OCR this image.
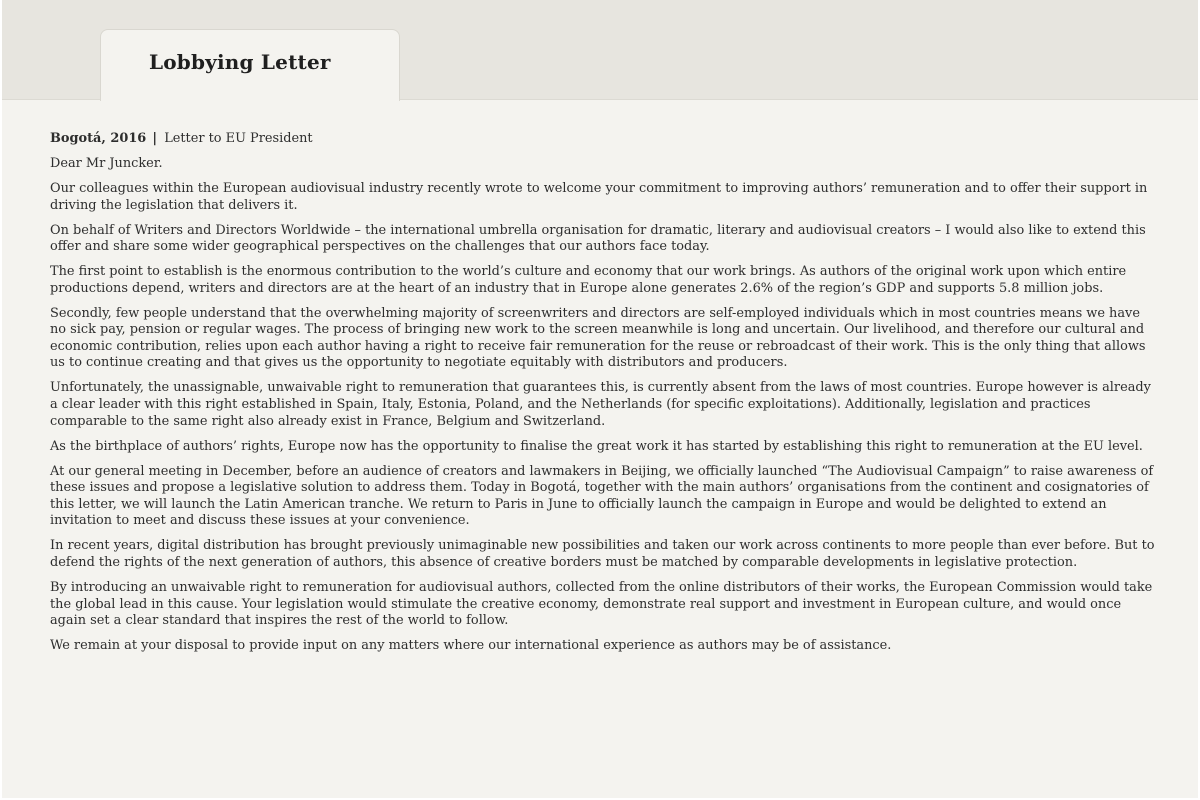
Lobbying Letter

Bogotá, 2016 | Letter to EU President

Dear Mr Juncker.

Our colleagues within the European audiovisual industry recently wrote to welcome your commitment to improving authors’ remuneration and to offer their support in driving the legislation that delivers it.

On behalf of Writers and Directors Worldwide – the international umbrella organisation for dramatic, literary and audiovisual creators – I would also like to extend this offer and share some wider geographical perspectives on the challenges that our authors face today.

The first point to establish is the enormous contribution to the world’s culture and economy that our work brings. As authors of the original work upon which entire productions depend, writers and directors are at the heart of an industry that in Europe alone generates 2.6% of the region’s GDP and supports 5.8 million jobs.

Secondly, few people understand that the overwhelming majority of screenwriters and directors are self-employed individuals which in most countries means we have no sick pay, pension or regular wages. The process of bringing new work to the screen meanwhile is long and uncertain. Our livelihood, and therefore our cultural and economic contribution, relies upon each author having a right to receive fair remuneration for the reuse or rebroadcast of their work. This is the only thing that allows us to continue creating and that gives us the opportunity to negotiate equitably with distributors and producers.

Unfortunately, the unassignable, unwaivable right to remuneration that guarantees this, is currently absent from the laws of most countries. Europe however is already a clear leader with this right established in Spain, Italy, Estonia, Poland, and the Netherlands (for specific exploitations). Additionally, legislation and practices comparable to the same right also already exist in France, Belgium and Switzerland.

As the birthplace of authors’ rights, Europe now has the opportunity to finalise the great work it has started by establishing this right to remuneration at the EU level.

At our general meeting in December, before an audience of creators and lawmakers in Beijing, we officially launched “The Audiovisual Campaign” to raise awareness of these issues and propose a legislative solution to address them. Today in Bogotá, together with the main authors’ organisations from the continent and cosignatories of this letter, we will launch the Latin American tranche. We return to Paris in June to officially launch the campaign in Europe and would be delighted to extend an invitation to meet and discuss these issues at your convenience.

In recent years, digital distribution has brought previously unimaginable new possibilities and taken our work across continents to more people than ever before. But to defend the rights of the next generation of authors, this absence of creative borders must be matched by comparable developments in legislative protection.

By introducing an unwaivable right to remuneration for audiovisual authors, collected from the online distributors of their works, the European Commission would take the global lead in this cause. Your legislation would stimulate the creative economy, demonstrate real support and investment in European culture, and would once again set a clear standard that inspires the rest of the world to follow.

We remain at your disposal to provide input on any matters where our international experience as authors may be of assistance.
